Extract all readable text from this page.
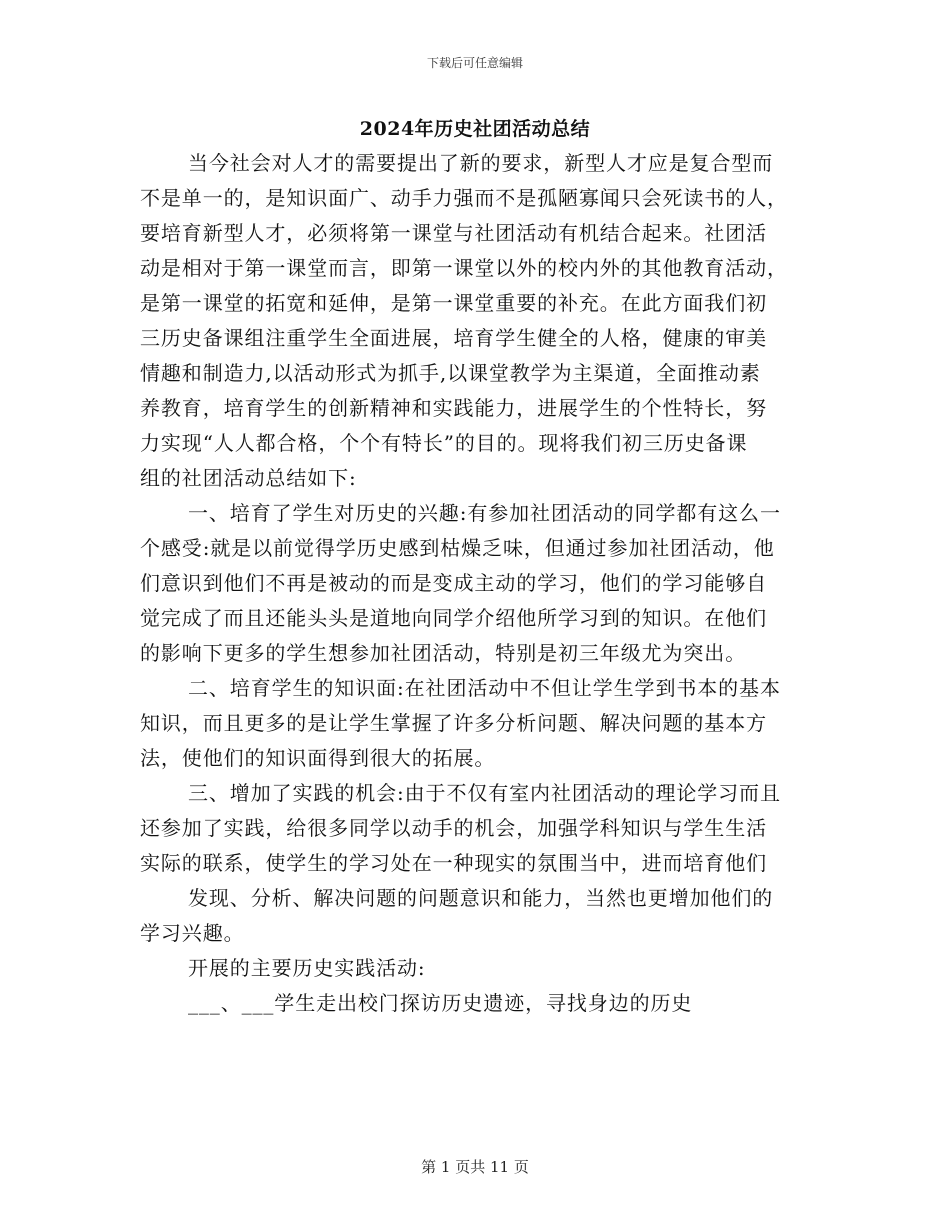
下载后可任意编辑
2024年历史社团活动总结
当今社会对人才的需要提出了新的要求，新型人才应是复合型而
不是单一的，是知识面广、动手力强而不是孤陋寡闻只会死读书的人，
要培育新型人才，必须将第一课堂与社团活动有机结合起来。社团活
动是相对于第一课堂而言，即第一课堂以外的校内外的其他教育活动，
是第一课堂的拓宽和延伸，是第一课堂重要的补充。在此方面我们初
三历史备课组注重学生全面进展，培育学生健全的人格，健康的审美
情趣和制造力,以活动形式为抓手,以课堂教学为主渠道，全面推动素
养教育，培育学生的创新精神和实践能力，进展学生的个性特长，努
力实现“人人都合格，个个有特长”的目的。现将我们初三历史备课
组的社团活动总结如下:
一、培育了学生对历史的兴趣:有参加社团活动的同学都有这么一
个感受:就是以前觉得学历史感到枯燥乏味，但通过参加社团活动，他
们意识到他们不再是被动的而是变成主动的学习，他们的学习能够自
觉完成了而且还能头头是道地向同学介绍他所学习到的知识。在他们
的影响下更多的学生想参加社团活动，特别是初三年级尤为突出。
二、培育学生的知识面:在社团活动中不但让学生学到书本的基本
知识，而且更多的是让学生掌握了许多分析问题、解决问题的基本方
法，使他们的知识面得到很大的拓展。
三、增加了实践的机会:由于不仅有室内社团活动的理论学习而且
还参加了实践，给很多同学以动手的机会，加强学科知识与学生生活
实际的联系，使学生的学习处在一种现实的氛围当中，进而培育他们
发现、分析、解决问题的问题意识和能力，当然也更增加他们的
学习兴趣。
开展的主要历史实践活动:
___、___学生走出校门探访历史遗迹，寻找身边的历史
第 1 页共 11 页
